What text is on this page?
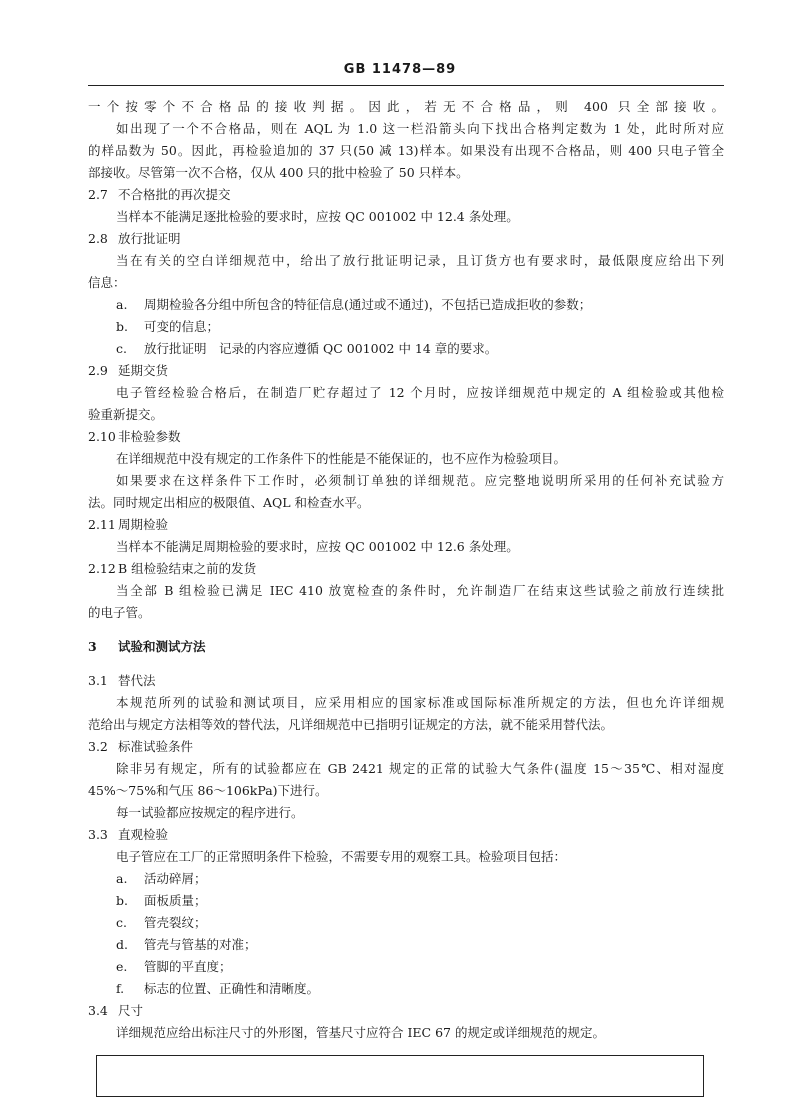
GB 11478—89
一个按零个不合格品的接收判据。因此，若无不合格品，则 400 只全部接收。
如出现了一个不合格品，则在 AQL 为 1.0 这一栏沿箭头向下找出合格判定数为 1 处，此时所对应
的样品数为 50。因此，再检验追加的 37 只(50 减 13)样本。如果没有出现不合格品，则 400 只电子管全
部接收。尽管第一次不合格，仅从 400 只的批中检验了 50 只样本。
2.7 不合格批的再次提交
当样本不能满足逐批检验的要求时，应按 QC 001002 中 12.4 条处理。
2.8 放行批证明
当在有关的空白详细规范中，给出了放行批证明记录，且订货方也有要求时，最低限度应给出下列
信息：
a. 周期检验各分组中所包含的特征信息(通过或不通过)，不包括已造成拒收的参数；
b. 可变的信息；
c. 放行批证明　记录的内容应遵循 QC 001002 中 14 章的要求。
2.9 延期交货
电子管经检验合格后，在制造厂贮存超过了 12 个月时，应按详细规范中规定的 A 组检验或其他检
验重新提交。
2.10 非检验参数
在详细规范中没有规定的工作条件下的性能是不能保证的，也不应作为检验项目。
如果要求在这样条件下工作时，必须制订单独的详细规范。应完整地说明所采用的任何补充试验方
法。同时规定出相应的极限值、AQL 和检查水平。
2.11 周期检验
当样本不能满足周期检验的要求时，应按 QC 001002 中 12.6 条处理。
2.12 B 组检验结束之前的发货
当全部 B 组检验已满足 IEC 410 放宽检查的条件时，允许制造厂在结束这些试验之前放行连续批
的电子管。
3 试验和测试方法
3.1 替代法
本规范所列的试验和测试项目，应采用相应的国家标准或国际标准所规定的方法，但也允许详细规
范给出与规定方法相等效的替代法，凡详细规范中已指明引证规定的方法，就不能采用替代法。
3.2 标准试验条件
除非另有规定，所有的试验都应在 GB 2421 规定的正常的试验大气条件(温度 15～35℃、相对湿度
45%～75%和气压 86～106kPa)下进行。
每一试验都应按规定的程序进行。
3.3 直观检验
电子管应在工厂的正常照明条件下检验，不需要专用的观察工具。检验项目包括：
a. 活动碎屑；
b. 面板质量；
c. 管壳裂纹；
d. 管壳与管基的对准；
e. 管脚的平直度；
f. 标志的位置、正确性和清晰度。
3.4 尺寸
详细规范应给出标注尺寸的外形图，管基尺寸应符合 IEC 67 的规定或详细规范的规定。
